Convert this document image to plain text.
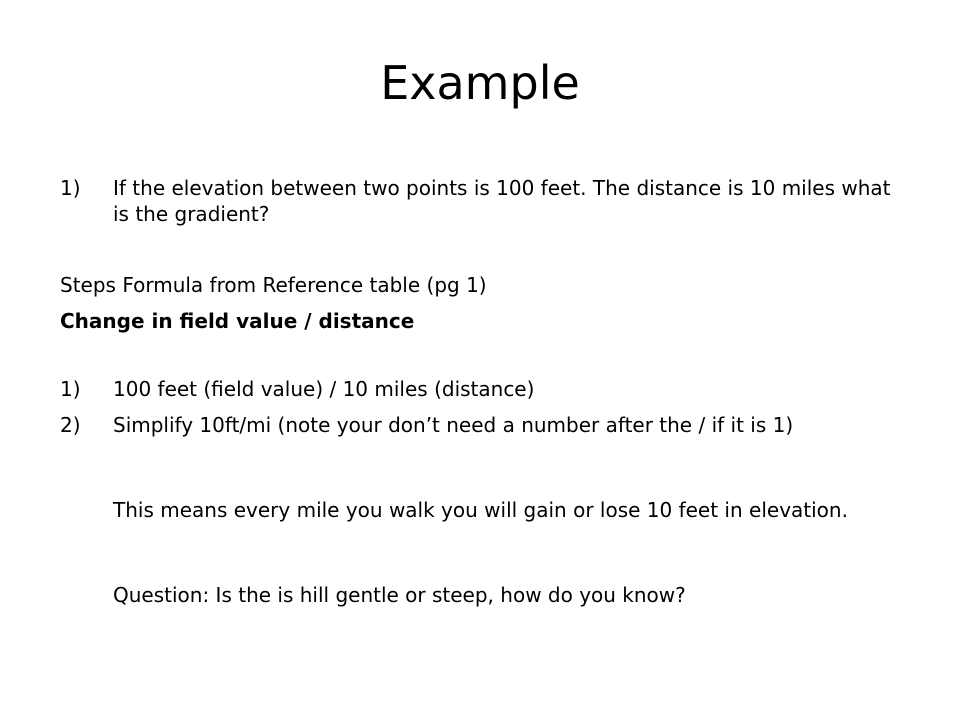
Example
1)	If the elevation between two points is 100 feet. The distance is 10 miles what is the gradient?

Steps Formula from Reference table (pg 1)

Change in field value / distance

1)	100 feet (field value) / 10 miles (distance)
2)	Simplify 10ft/mi (note your don’t need a number after the / if it is 1)

This means every mile you walk you will gain or lose 10 feet in elevation.

Question: Is the is hill gentle or steep, how do you know?
